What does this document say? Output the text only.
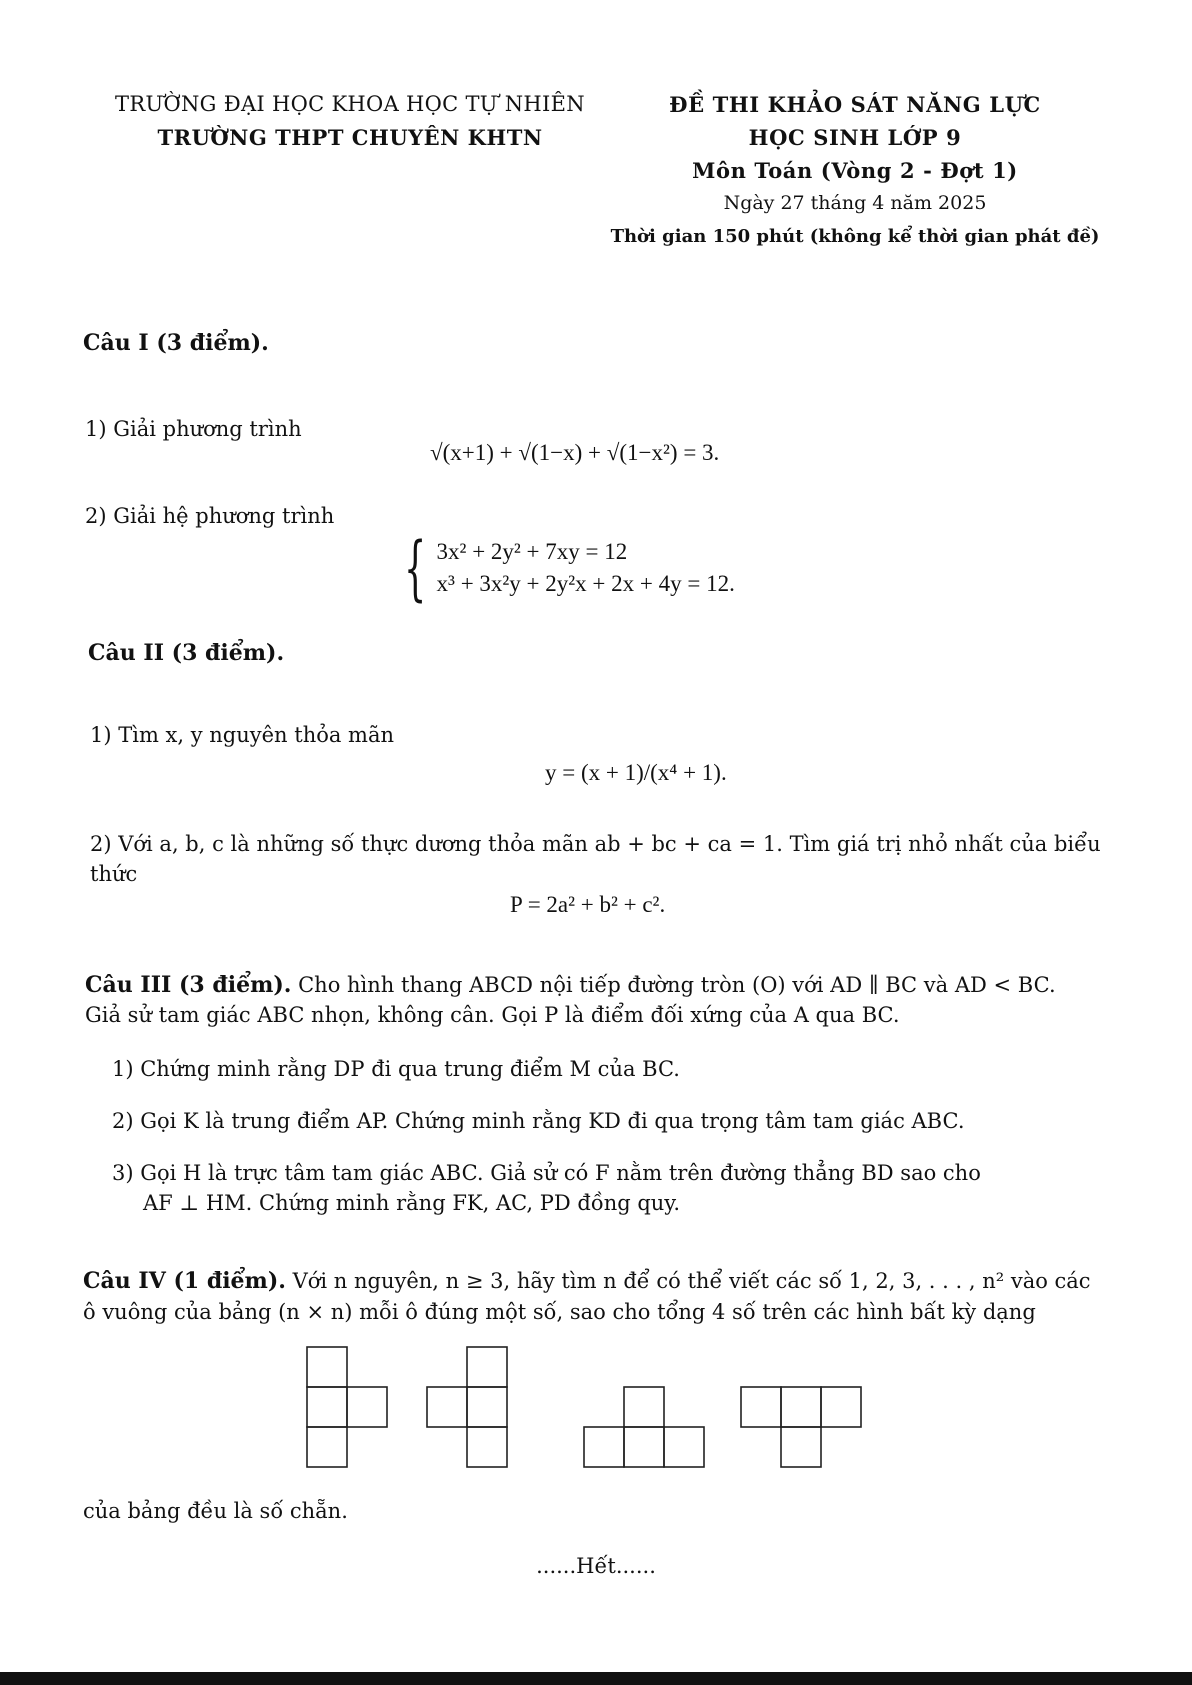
TRƯỜNG ĐẠI HỌC KHOA HỌC TỰ NHIÊN
TRƯỜNG THPT CHUYÊN KHTN
ĐỀ THI KHẢO SÁT NĂNG LỰC
HỌC SINH LỚP 9
Môn Toán (Vòng 2 - Đợt 1)
Ngày 27 tháng 4 năm 2025
Thời gian 150 phút (không kể thời gian phát đề)
Câu I (3 điểm).
1) Giải phương trình
√(x+1) + √(1−x) + √(1−x²) = 3.
2) Giải hệ phương trình
{ 3x² + 2y² + 7xy = 12
x³ + 3x²y + 2y²x + 2x + 4y = 12.
Câu II (3 điểm).
1) Tìm x, y nguyên thỏa mãn
y = (x + 1)/(x⁴ + 1).
2) Với a, b, c là những số thực dương thỏa mãn ab + bc + ca = 1. Tìm giá trị nhỏ nhất của biểu thức
P = 2a² + b² + c².
Câu III (3 điểm). Cho hình thang ABCD nội tiếp đường tròn (O) với AD ∥ BC và AD < BC.
Giả sử tam giác ABC nhọn, không cân. Gọi P là điểm đối xứng của A qua BC.
1) Chứng minh rằng DP đi qua trung điểm M của BC.
2) Gọi K là trung điểm AP. Chứng minh rằng KD đi qua trọng tâm tam giác ABC.
3) Gọi H là trực tâm tam giác ABC. Giả sử có F nằm trên đường thẳng BD sao cho
AF ⊥ HM. Chứng minh rằng FK, AC, PD đồng quy.
Câu IV (1 điểm). Với n nguyên, n ≥ 3, hãy tìm n để có thể viết các số 1, 2, 3, . . . , n² vào các
ô vuông của bảng (n × n) mỗi ô đúng một số, sao cho tổng 4 số trên các hình bất kỳ dạng
của bảng đều là số chẵn.
......Hết......
